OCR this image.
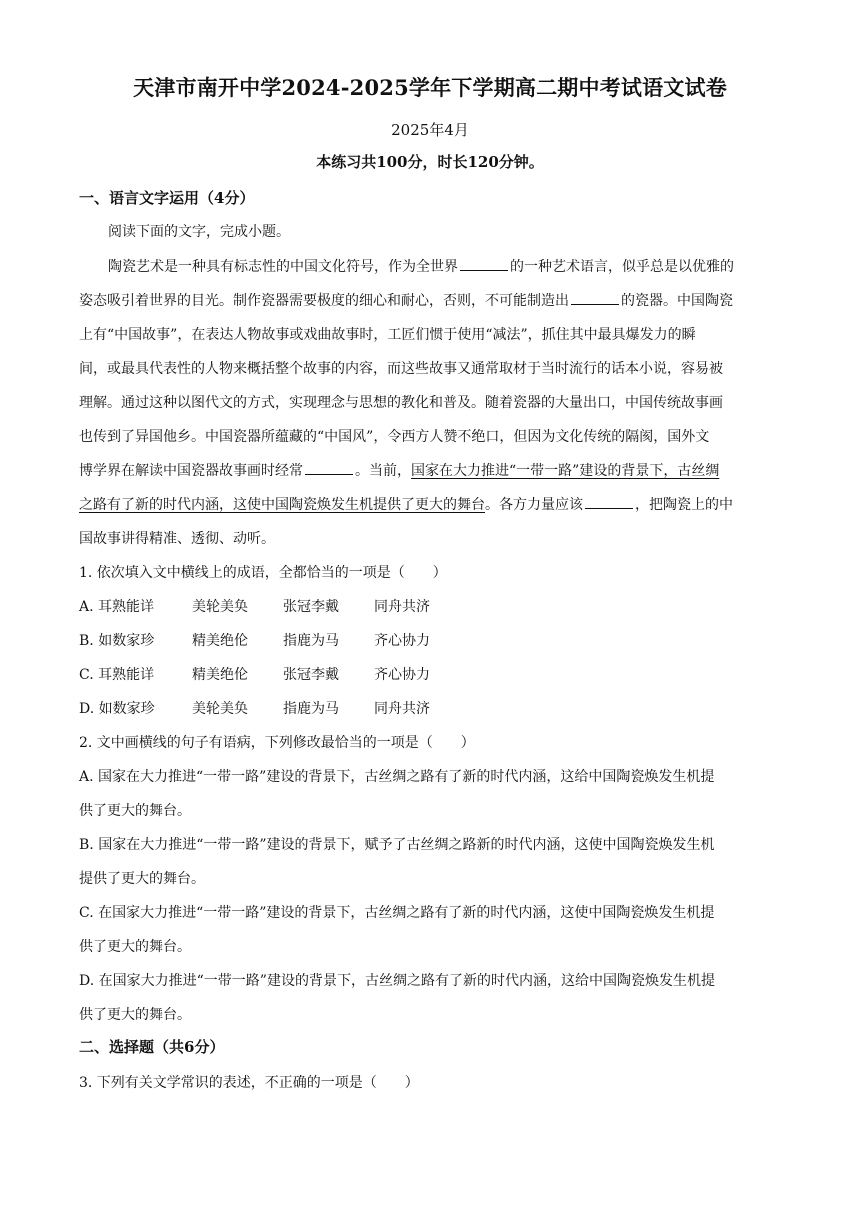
天津市南开中学2024-2025学年下学期高二期中考试语文试卷
2025年4月
本练习共100分，时长120分钟。
一、语言文字运用（4分）
阅读下面的文字，完成小题。
陶瓷艺术是一种具有标志性的中国文化符号，作为全世界	的一种艺术语言，似乎总是以优雅的
姿态吸引着世界的目光。制作瓷器需要极度的细心和耐心，否则，不可能制造出	的瓷器。中国陶瓷
上有“中国故事”，在表达人物故事或戏曲故事时，工匠们惯于使用“减法”，抓住其中最具爆发力的瞬
间，或最具代表性的人物来概括整个故事的内容，而这些故事又通常取材于当时流行的话本小说，容易被
理解。通过这种以图代文的方式，实现理念与思想的教化和普及。随着瓷器的大量出口，中国传统故事画
也传到了异国他乡。中国瓷器所蕴藏的“中国风”，令西方人赞不绝口，但因为文化传统的隔阂，国外文
博学界在解读中国瓷器故事画时经常	。当前，国家在大力推进“一带一路”建设的背景下，古丝绸
之路有了新的时代内涵，这使中国陶瓷焕发生机提供了更大的舞台。各方力量应该	，把陶瓷上的中
国故事讲得精准、透彻、动听。
1. 依次填入文中横线上的成语，全都恰当的一项是（　　）
A. 耳熟能详	美轮美奂	张冠李戴	同舟共济
B. 如数家珍	精美绝伦	指鹿为马	齐心协力
C. 耳熟能详	精美绝伦	张冠李戴	齐心协力
D. 如数家珍	美轮美奂	指鹿为马	同舟共济
2. 文中画横线的句子有语病，下列修改最恰当的一项是（　　）
A. 国家在大力推进“一带一路”建设的背景下，古丝绸之路有了新的时代内涵，这给中国陶瓷焕发生机提
供了更大的舞台。
B. 国家在大力推进“一带一路”建设的背景下，赋予了古丝绸之路新的时代内涵，这使中国陶瓷焕发生机
提供了更大的舞台。
C. 在国家大力推进“一带一路”建设的背景下，古丝绸之路有了新的时代内涵，这使中国陶瓷焕发生机提
供了更大的舞台。
D. 在国家大力推进“一带一路”建设的背景下，古丝绸之路有了新的时代内涵，这给中国陶瓷焕发生机提
供了更大的舞台。
二、选择题（共6分）
3. 下列有关文学常识的表述，不正确的一项是（　　）
